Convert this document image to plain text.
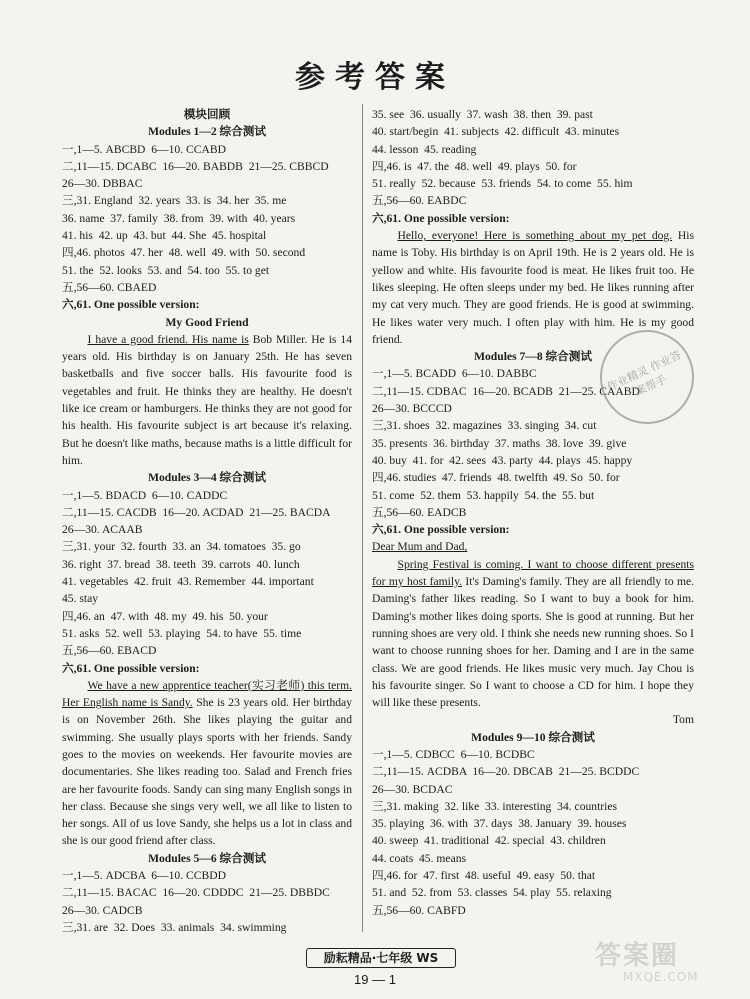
参考答案
模块回顾
Modules 1—2 综合测试
一,1—5. ABCBD  6—10. CCABD
二,11—15. DCABC  16—20. BABDB  21—25. CBBCD
26—30. DBBAC
三,31. England  32. years  33. is  34. her  35. me
36. name  37. family  38. from  39. with  40. years
41. his  42. up  43. but  44. She  45. hospital
四,46. photos  47. her  48. well  49. with  50. second
51. the  52. looks  53. and  54. too  55. to get
五,56—60. CBAED
六,61. One possible version:
My Good Friend

I have a good friend. His name is Bob Miller. He is 14 years old. His birthday is on January 25th. He has seven basketballs and five soccer balls. His favourite food is vegetables and fruit. He thinks they are healthy. He doesn't like ice cream or hamburgers. He thinks they are not good for his health. His favourite subject is art because it's relaxing. But he doesn't like maths, because maths is a little difficult for him.

Modules 3—4 综合测试
一,1—5. BDACD  6—10. CADDC
二,11—15. CACDB  16—20. ACDAD  21—25. BACDA
26—30. ACAAB
三,31. your  32. fourth  33. an  34. tomatoes  35. go
36. right  37. bread  38. teeth  39. carrots  40. lunch
41. vegetables  42. fruit  43. Remember  44. important
45. stay
四,46. an  47. with  48. my  49. his  50. your
51. asks  52. well  53. playing  54. to have  55. time
五,56—60. EBACD
六,61. One possible version:

We have a new apprentice teacher(实习老师) this term. Her English name is Sandy. She is 23 years old. Her birthday is on November 26th. She likes playing the guitar and swimming. She usually plays sports with her friends. Sandy goes to the movies on weekends. Her favourite movies are documentaries. She likes reading too. Salad and French fries are her favourite foods. Sandy can sing many English songs in her class. Because she sings very well, we all like to listen to her songs. All of us love Sandy, she helps us a lot in class and she is our good friend after class.

Modules 5—6 综合测试
一,1—5. ADCBA  6—10. CCBDD
二,11—15. BACAC  16—20. CDDDC  21—25. DBBDC
26—30. CADCB
三,31. are  32. Does  33. animals  34. swimming
35. see  36. usually  37. wash  38. then  39. past
40. start/begin  41. subjects  42. difficult  43. minutes
44. lesson  45. reading
四,46. is  47. the  48. well  49. plays  50. for
51. really  52. because  53. friends  54. to come  55. him
五,56—60. EABDC
六,61. One possible version:

Hello, everyone! Here is something about my pet dog. His name is Toby. His birthday is on April 19th. He is 2 years old. He is yellow and white. His favourite food is meat. He likes fruit too. He likes sleeping. He often sleeps under my bed. He likes running after my cat very much. They are good friends. He is good at swimming. He likes water very much. I often play with him. He is my good friend.

Modules 7—8 综合测试
一,1—5. BCADD  6—10. DABBC
二,11—15. CDBAC  16—20. BCADB  21—25. CAABD
26—30. BCCCD
三,31. shoes  32. magazines  33. singing  34. cut
35. presents  36. birthday  37. maths  38. love  39. give
40. buy  41. for  42. sees  43. party  44. plays  45. happy
四,46. studies  47. friends  48. twelfth  49. So  50. for
51. come  52. them  53. happily  54. the  55. but
五,56—60. EADCB
六,61. One possible version:
Dear Mum and Dad,

Spring Festival is coming. I want to choose different presents for my host family. It's Daming's family. They are all friendly to me. Daming's father likes reading. So I want to buy a book for him. Daming's mother likes doing sports. She is good at running. But her running shoes are very old. I think she needs new running shoes. So I want to choose running shoes for her. Daming and I are in the same class. We are good friends. He likes music very much. Jay Chou is his favourite singer. So I want to choose a CD for him. I hope they will like these presents.

Tom
Modules 9—10 综合测试
一,1—5. CDBCC  6—10. BCDBC
二,11—15. ACDBA  16—20. DBCAB  21—25. BCDDC
26—30. BCDAC
三,31. making  32. like  33. interesting  34. countries
35. playing  36. with  37. days  38. January  39. houses
40. sweep  41. traditional  42. special  43. children
44. coats  45. means
四,46. for  47. first  48. useful  49. easy  50. that
51. and  52. from  53. classes  54. play  55. relaxing
五,56—60. CABFD
作业精灵 作业答案帮手
励耘精品·七年级 WS
19 — 1
答案圈
MXQE.COM
